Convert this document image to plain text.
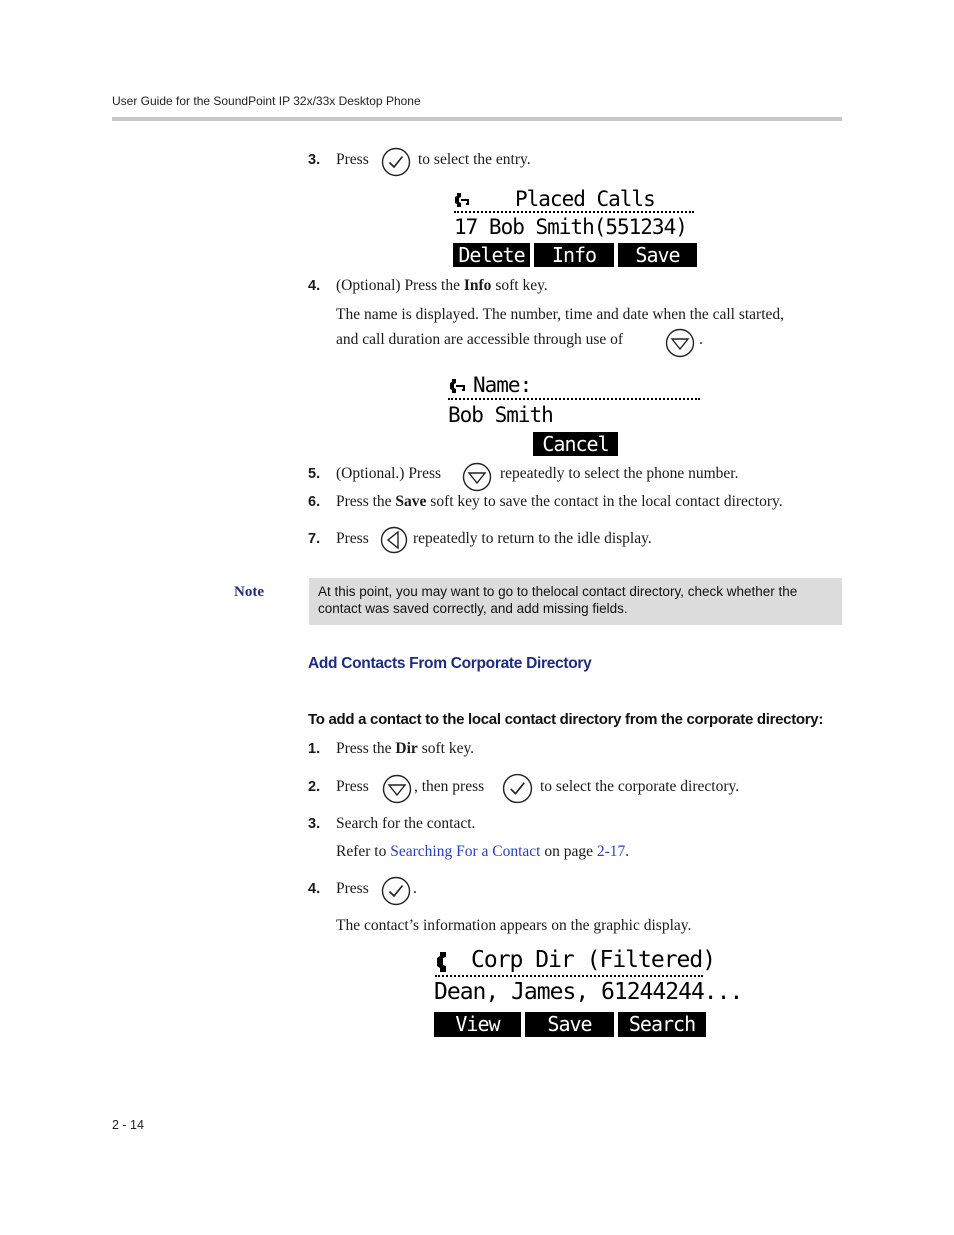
User Guide for the SoundPoint IP 32x/33x Desktop Phone
3.	Press	to select the entry.
Placed Calls
17 Bob Smith(551234)
Delete	Info	Save
4.	(Optional) Press the Info soft key.
The name is displayed. The number, time and date when the call started,
and call duration are accessible through use of	.
Name:
Bob Smith
Cancel
5.	(Optional.) Press	repeatedly to select the phone number.
6.	Press the Save soft key to save the contact in the local contact directory.
7.	Press	repeatedly to return to the idle display.
Note	At this point, you may want to go to thelocal contact directory, check whether the contact was saved correctly, and add missing fields.
Add Contacts From Corporate Directory
To add a contact to the local contact directory from the corporate directory:
1.	Press the Dir soft key.
2.	Press	, then press	to select the corporate directory.
3.	Search for the contact.
Refer to Searching For a Contact on page 2-17.
4.	Press	.
The contact’s information appears on the graphic display.
Corp Dir (Filtered)
Dean, James, 61244244...
View	Save	Search
2 - 14
